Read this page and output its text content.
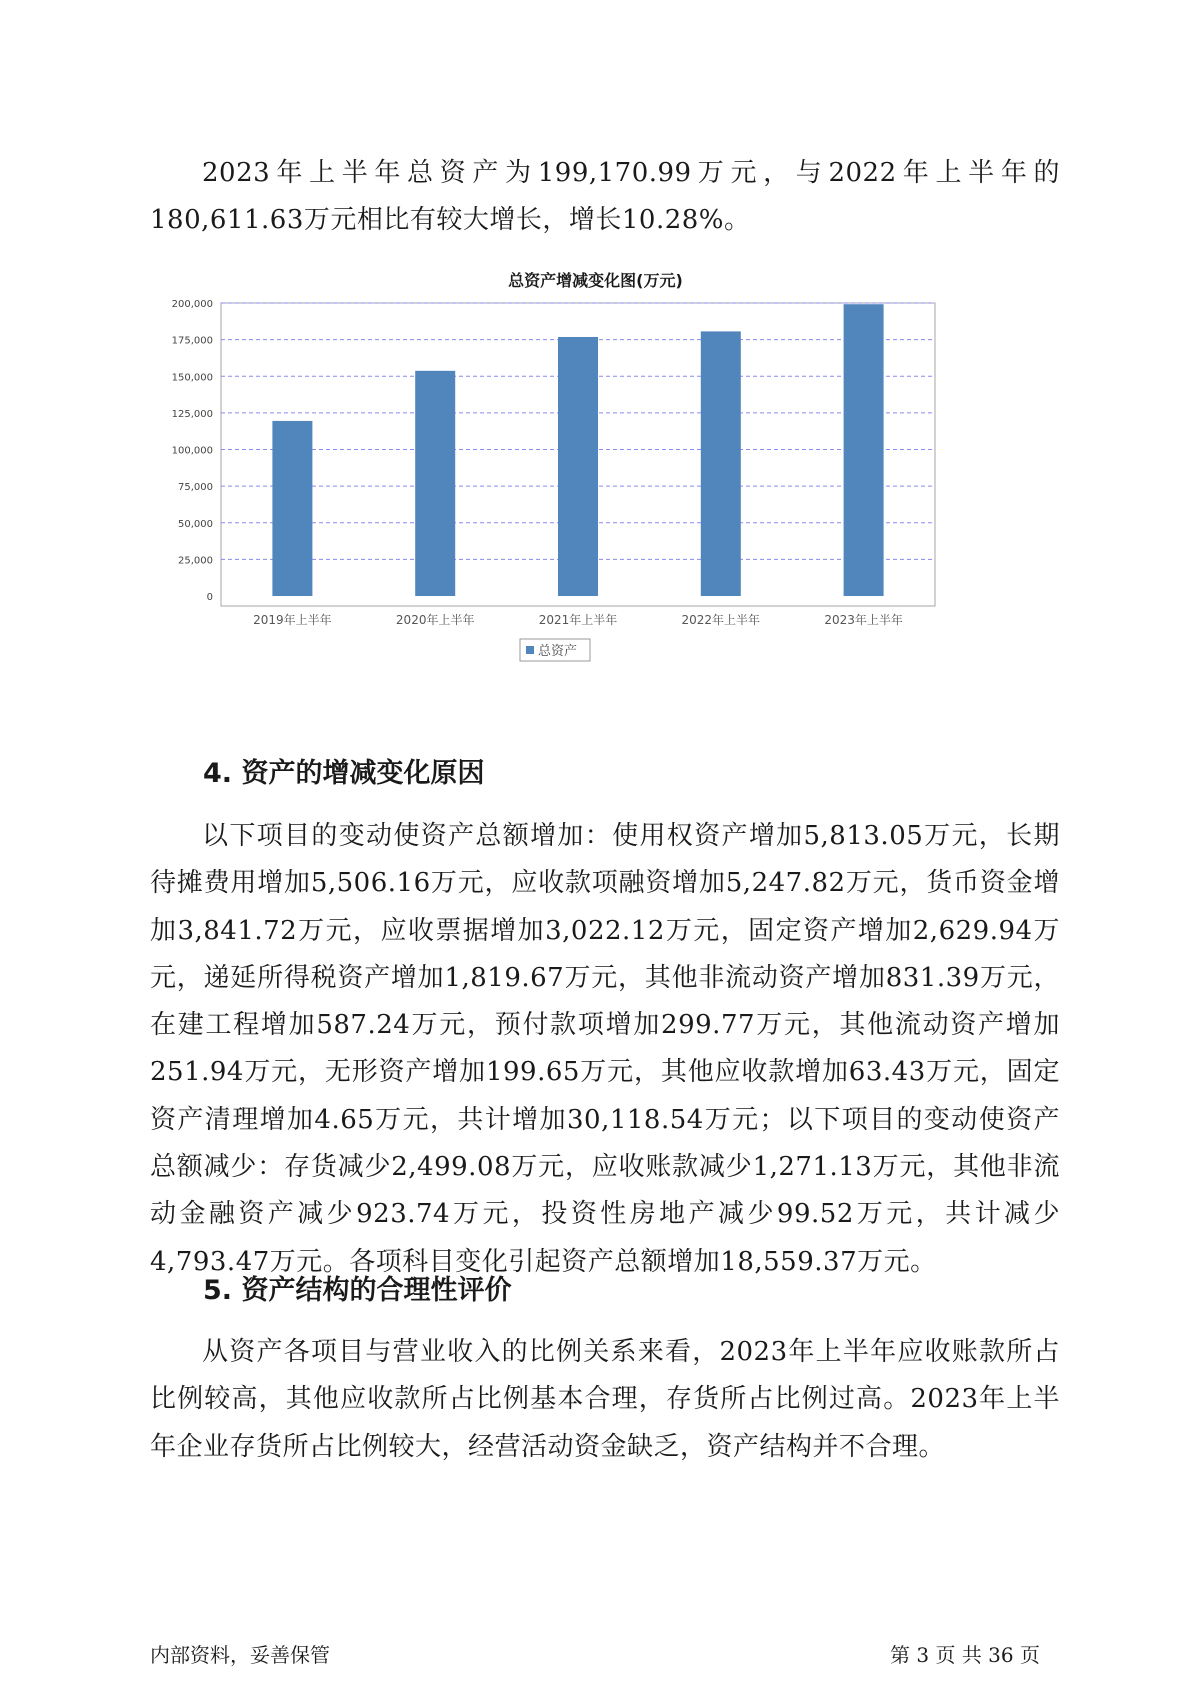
2023年上半年总资产为199,170.99万元，与2022年上半年的180,611.63万元相比有较大增长，增长10.28%。

总资产增减变化图(万元)
0
25,000
50,000
75,000
100,000
125,000
150,000
175,000
200,000
2019年上半年	2020年上半年	2021年上半年	2022年上半年	2023年上半年
总资产
4. 资产的增减变化原因

以下项目的变动使资产总额增加：使用权资产增加5,813.05万元，长期待摊费用增加5,506.16万元，应收款项融资增加5,247.82万元，货币资金增加3,841.72万元，应收票据增加3,022.12万元，固定资产增加2,629.94万元，递延所得税资产增加1,819.67万元，其他非流动资产增加831.39万元，在建工程增加587.24万元，预付款项增加299.77万元，其他流动资产增加251.94万元，无形资产增加199.65万元，其他应收款增加63.43万元，固定资产清理增加4.65万元，共计增加30,118.54万元；以下项目的变动使资产总额减少：存货减少2,499.08万元，应收账款减少1,271.13万元，其他非流动金融资产减少923.74万元，投资性房地产减少99.52万元，共计减少4,793.47万元。各项科目变化引起资产总额增加18,559.37万元。

5. 资产结构的合理性评价

从资产各项目与营业收入的比例关系来看，2023年上半年应收账款所占比例较高，其他应收款所占比例基本合理，存货所占比例过高。2023年上半年企业存货所占比例较大，经营活动资金缺乏，资产结构并不合理。

内部资料，妥善保管	第 3 页 共 36 页
